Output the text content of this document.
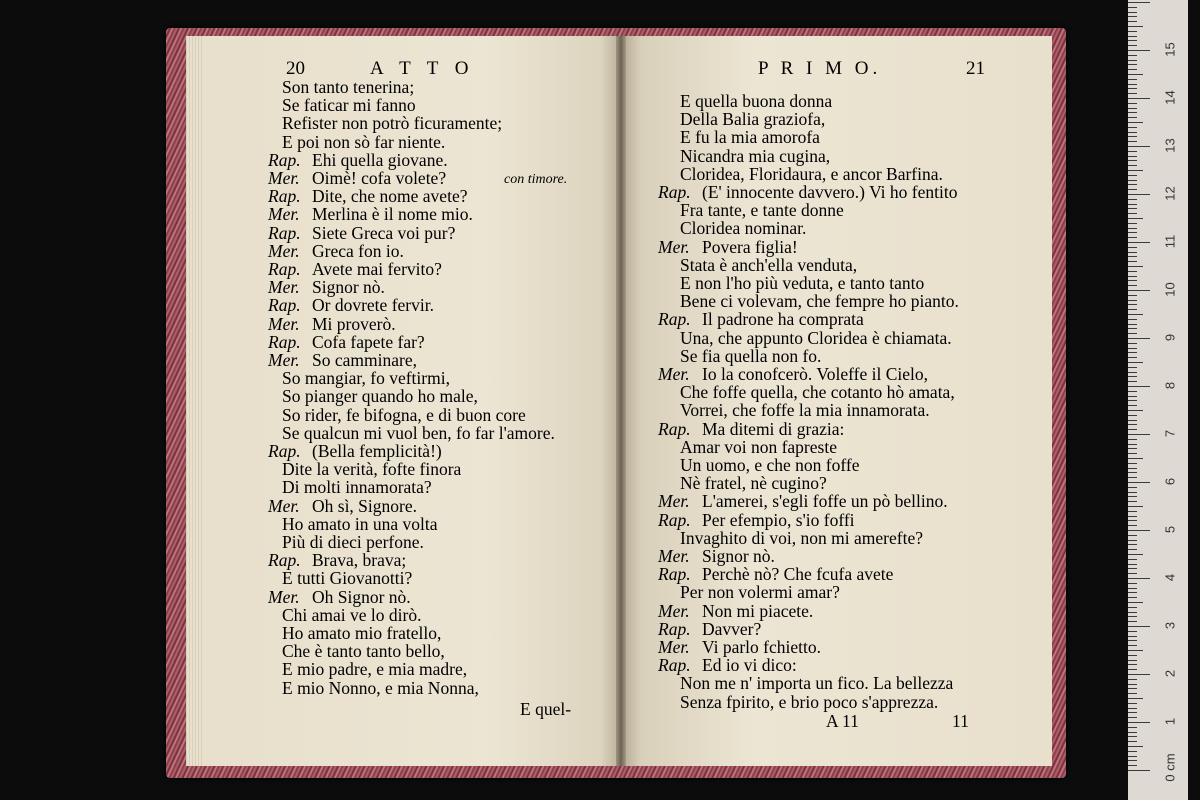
20	A T T O	P R I M O.	21
Son tanto tenerina;
Se faticar mi fanno
Refister non potrò ficuramente;
E poi non sò far niente.
Rap. Ehi quella giovane.
Mer. Oimè! cofa volete?	con timore.
Rap. Dite, che nome avete?
Mer. Merlina è il nome mio.
Rap. Siete Greca voi pur?
Mer. Greca fon io.
Rap. Avete mai fervito?
Mer. Signor nò.
Rap. Or dovrete fervir.
Mer. Mi proverò.
Rap. Cofa fapete far?
Mer. So camminare,
So mangiar, fo veftirmi,
So pianger quando ho male,
So rider, fe bifogna, e di buon core
Se qualcun mi vuol ben, fo far l'amore.
Rap. (Bella femplicità!)
Dite la verità, fofte finora
Di molti innamorata?
Mer. Oh sì, Signore.
Ho amato in una volta
Più di dieci perfone.
Rap. Brava, brava;
E tutti Giovanotti?
Mer. Oh Signor nò.
Chi amai ve lo dirò.
Ho amato mio fratello,
Che è tanto tanto bello,
E mio padre, e mia madre,
E mio Nonno, e mia Nonna,
E quella buona donna
Della Balia graziofa,
E fu la mia amorofa
Nicandra mia cugina,
Cloridea, Floridaura, e ancor Barfina.
Rap. (E' innocente davvero.) Vi ho fentito
Fra tante, e tante donne
Cloridea nominar.
Mer. Povera figlia!
Stata è anch'ella venduta,
E non l'ho più veduta, e tanto tanto
Bene ci volevam, che fempre ho pianto.
Rap. Il padrone ha comprata
Una, che appunto Cloridea è chiamata.
Se fia quella non fo.
Mer. Io la conofcerò. Voleffe il Cielo,
Che foffe quella, che cotanto hò amata,
Vorrei, che foffe la mia innamorata.
Rap. Ma ditemi di grazia:
Amar voi non fapreste
Un uomo, e che non foffe
Nè fratel, nè cugino?
Mer. L'amerei, s'egli foffe un pò bellino.
Rap. Per efempio, s'io foffi
Invaghito di voi, non mi amerefte?
Mer. Signor nò.
Rap. Perchè nò? Che fcufa avete
Per non volermi amar?
Mer. Non mi piacete.
Rap. Davver?
Mer. Vi parlo fchietto.
Rap. Ed io vi dico:
Non me n' importa un fico. La bellezza
Senza fpirito, e brio poco s'apprezza.
E quel-
A 11	11
0 cm
1
2
3
4
5
6
7
8
9
10
11
12
13
14
15
